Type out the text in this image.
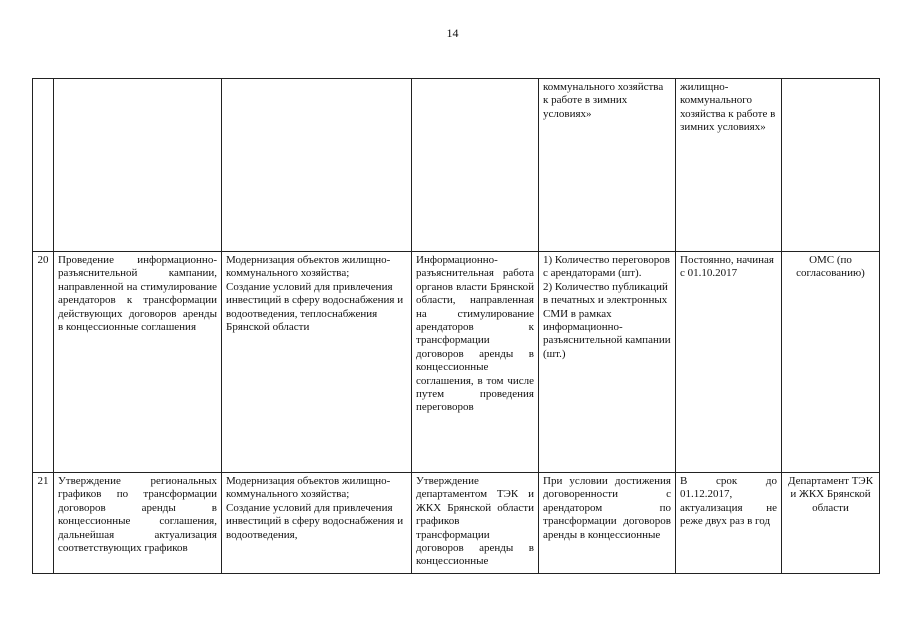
14
				коммунального хозяйства к работе в зимних условиях»	жилищно-коммунального хозяйства к работе в зимних условиях»	
20	Проведение информационно-разъяснительной кампании, направленной на стимулирование арендаторов к трансформации действующих договоров аренды в концессионные соглашения	Модернизация объектов жилищно-коммунального хозяйства;
Создание условий для привлечения инвестиций в сферу водоснабжения и водоотведения, теплоснабжения Брянской области	Информационно-разъяснительная работа органов власти Брянской области, направленная на стимулирование арендаторов к трансформации договоров аренды в концессионные соглашения, в том числе путем проведения переговоров	1) Количество переговоров с арендаторами (шт).
2) Количество публикаций в печатных и электронных СМИ в рамках информационно-разъяснительной кампании (шт.)	Постоянно, начиная с 01.10.2017	ОМС (по согласованию)
21	Утверждение региональных графиков по трансформации договоров аренды в концессионные соглашения, дальнейшая актуализация соответствующих графиков	Модернизация объектов жилищно-коммунального хозяйства;
Создание условий для привлечения инвестиций в сферу водоснабжения и водоотведения,	Утверждение департаментом ТЭК и ЖКХ Брянской области графиков трансформации договоров аренды в концессионные	При условии достижения договоренности с арендатором по трансформации договоров аренды в концессионные	В срок до 01.12.2017, актуализация не реже двух раз в год	Департамент ТЭК и ЖКХ Брянской области
